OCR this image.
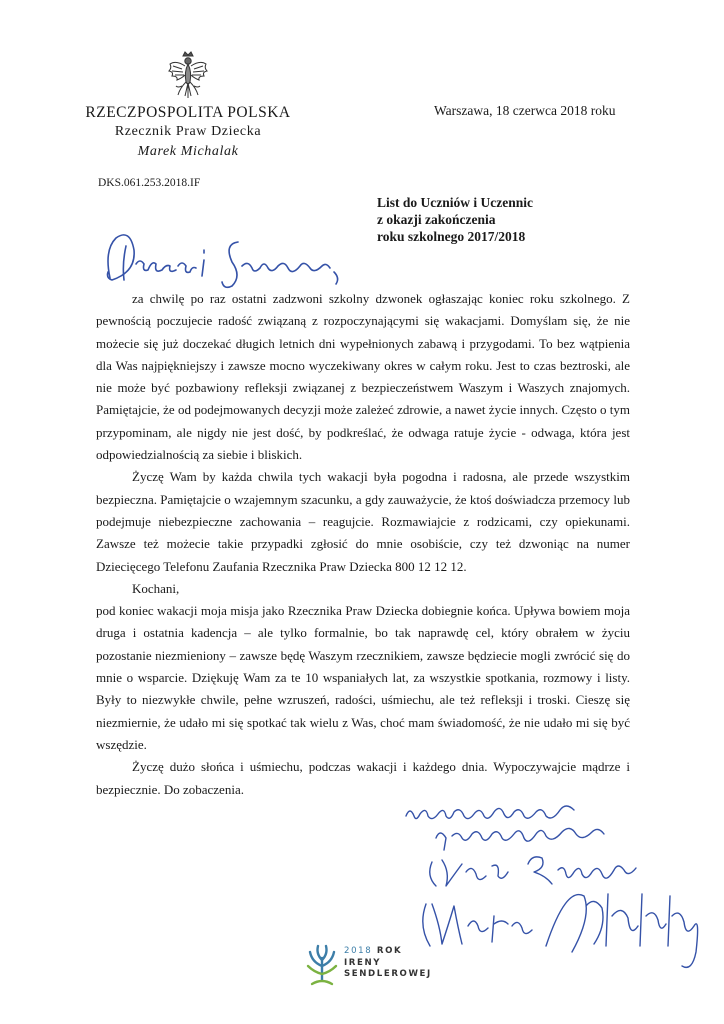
RZECZPOSPOLITA POLSKA
Rzecznik Praw Dziecka
Marek Michalak
Warszawa, 18 czerwca 2018 roku
DKS.061.253.2018.IF
List do Uczniów i Uczennic
z okazji zakończenia
roku szkolnego 2017/2018

za chwilę po raz ostatni zadzwoni szkolny dzwonek ogłaszając koniec roku szkolnego. Z pewnością poczujecie radość związaną z rozpoczynającymi się wakacjami. Domyślam się, że nie możecie się już doczekać długich letnich dni wypełnionych zabawą i przygodami. To bez wątpienia dla Was najpiękniejszy i zawsze mocno wyczekiwany okres w całym roku. Jest to czas beztroski, ale nie może być pozbawiony refleksji związanej z bezpieczeństwem Waszym i Waszych znajomych. Pamiętajcie, że od podejmowanych decyzji może zależeć zdrowie, a nawet życie innych. Często o tym przypominam, ale nigdy nie jest dość, by podkreślać, że odwaga ratuje życie - odwaga, która jest odpowiedzialnością za siebie i bliskich.

Życzę Wam by każda chwila tych wakacji była pogodna i radosna, ale przede wszystkim bezpieczna. Pamiętajcie o wzajemnym szacunku, a gdy zauważycie, że ktoś doświadcza przemocy lub podejmuje niebezpieczne zachowania – reagujcie. Rozmawiajcie z rodzicami, czy opiekunami. Zawsze też możecie takie przypadki zgłosić do mnie osobiście, czy też dzwoniąc na numer Dziecięcego Telefonu Zaufania Rzecznika Praw Dziecka 800 12 12 12.

Kochani,

pod koniec wakacji moja misja jako Rzecznika Praw Dziecka dobiegnie końca. Upływa bowiem moja druga i ostatnia kadencja – ale tylko formalnie, bo tak naprawdę cel, który obrałem w życiu pozostanie niezmieniony – zawsze będę Waszym rzecznikiem, zawsze będziecie mogli zwrócić się do mnie o wsparcie. Dziękuję Wam za te 10 wspaniałych lat, za wszystkie spotkania, rozmowy i listy. Były to niezwykłe chwile, pełne wzruszeń, radości, uśmiechu, ale też refleksji i troski. Cieszę się niezmiernie, że udało mi się spotkać tak wielu z Was, choć mam świadomość, że nie udało mi się być wszędzie.

Życzę dużo słońca i uśmiechu, podczas wakacji i każdego dnia. Wypoczywajcie mądrze i bezpiecznie. Do zobaczenia.

2018 ROK
IRENY
SENDLEROWEJ
